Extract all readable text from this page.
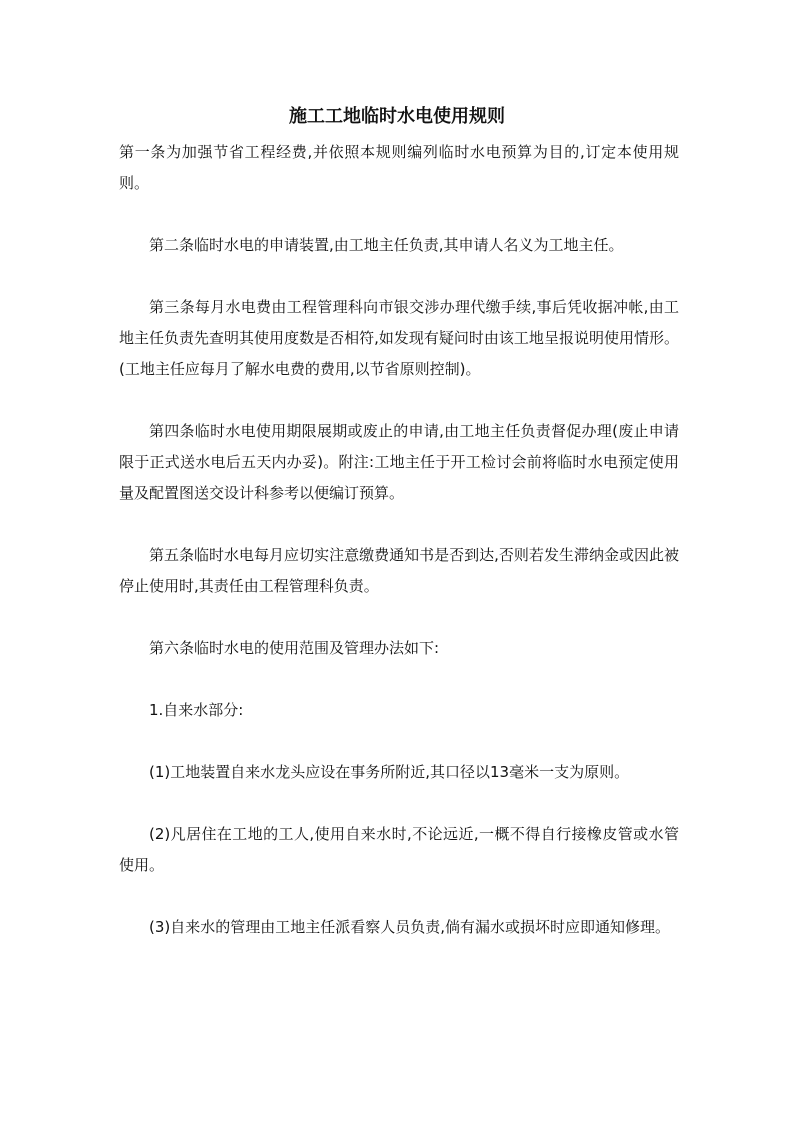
施工工地临时水电使用规则

第一条为加强节省工程经费,并依照本规则编列临时水电预算为目的,订定本使用规则。

第二条临时水电的申请装置,由工地主任负责,其申请人名义为工地主任。

第三条每月水电费由工程管理科向市银交涉办理代缴手续,事后凭收据冲帐,由工地主任负责先查明其使用度数是否相符,如发现有疑问时由该工地呈报说明使用情形。(工地主任应每月了解水电费的费用,以节省原则控制)。

第四条临时水电使用期限展期或废止的申请,由工地主任负责督促办理(废止申请限于正式送水电后五天内办妥)。附注:工地主任于开工检讨会前将临时水电预定使用量及配置图送交设计科参考以便编订预算。

第五条临时水电每月应切实注意缴费通知书是否到达,否则若发生滞纳金或因此被停止使用时,其责任由工程管理科负责。

第六条临时水电的使用范围及管理办法如下:

1.自来水部分:

(1)工地装置自来水龙头应设在事务所附近,其口径以13毫米一支为原则。

(2)凡居住在工地的工人,使用自来水时,不论远近,一概不得自行接橡皮管或水管使用。

(3)自来水的管理由工地主任派看察人员负责,倘有漏水或损坏时应即通知修理。
